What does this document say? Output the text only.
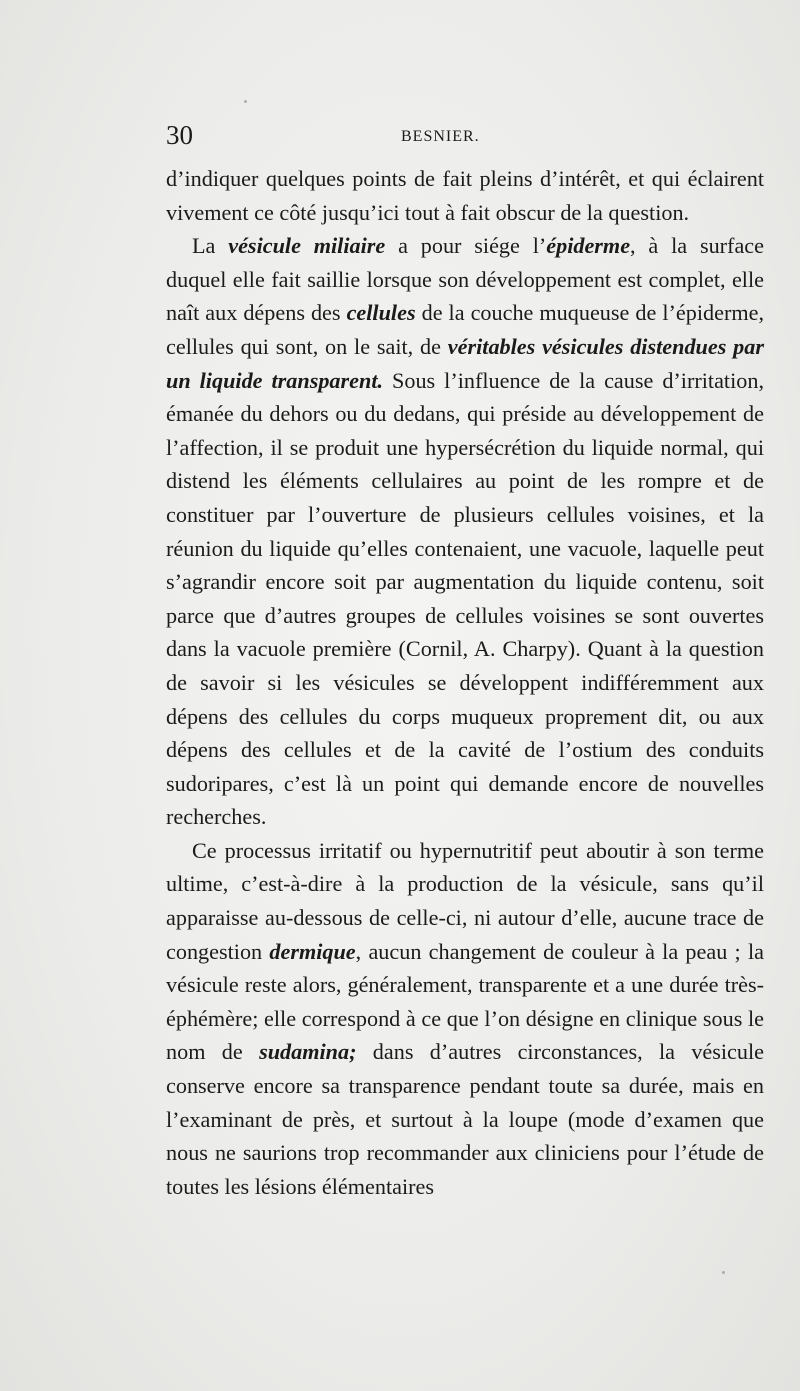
30	BESNIER.

d’indiquer quelques points de fait pleins d’intérêt, et qui éclairent vivement ce côté jusqu’ici tout à fait obscur de la question.

La vésicule miliaire a pour siége l’épiderme, à la surface duquel elle fait saillie lorsque son développement est complet, elle naît aux dépens des cellules de la couche muqueuse de l’épiderme, cellules qui sont, on le sait, de véritables vésicules distendues par un liquide transparent. Sous l’influence de la cause d’irritation, émanée du dehors ou du dedans, qui préside au développement de l’affection, il se produit une hypersécrétion du liquide normal, qui distend les éléments cellulaires au point de les rompre et de constituer par l’ouverture de plusieurs cellules voisines, et la réunion du liquide qu’elles contenaient, une vacuole, laquelle peut s’agrandir encore soit par augmentation du liquide contenu, soit parce que d’autres groupes de cellules voisines se sont ouvertes dans la vacuole première (Cornil, A. Charpy). Quant à la question de savoir si les vésicules se développent indifféremment aux dépens des cellules du corps muqueux proprement dit, ou aux dépens des cellules et de la cavité de l’ostium des conduits sudoripares, c’est là un point qui demande encore de nouvelles recherches.

Ce processus irritatif ou hypernutritif peut aboutir à son terme ultime, c’est-à-dire à la production de la vésicule, sans qu’il apparaisse au-dessous de celle-ci, ni autour d’elle, aucune trace de congestion dermique, aucun changement de couleur à la peau ; la vésicule reste alors, généralement, transparente et a une durée très-éphémère; elle correspond à ce que l’on désigne en clinique sous le nom de sudamina; dans d’autres circonstances, la vésicule conserve encore sa transparence pendant toute sa durée, mais en l’examinant de près, et surtout à la loupe (mode d’examen que nous ne saurions trop recommander aux cliniciens pour l’étude de toutes les lésions élémentaires
